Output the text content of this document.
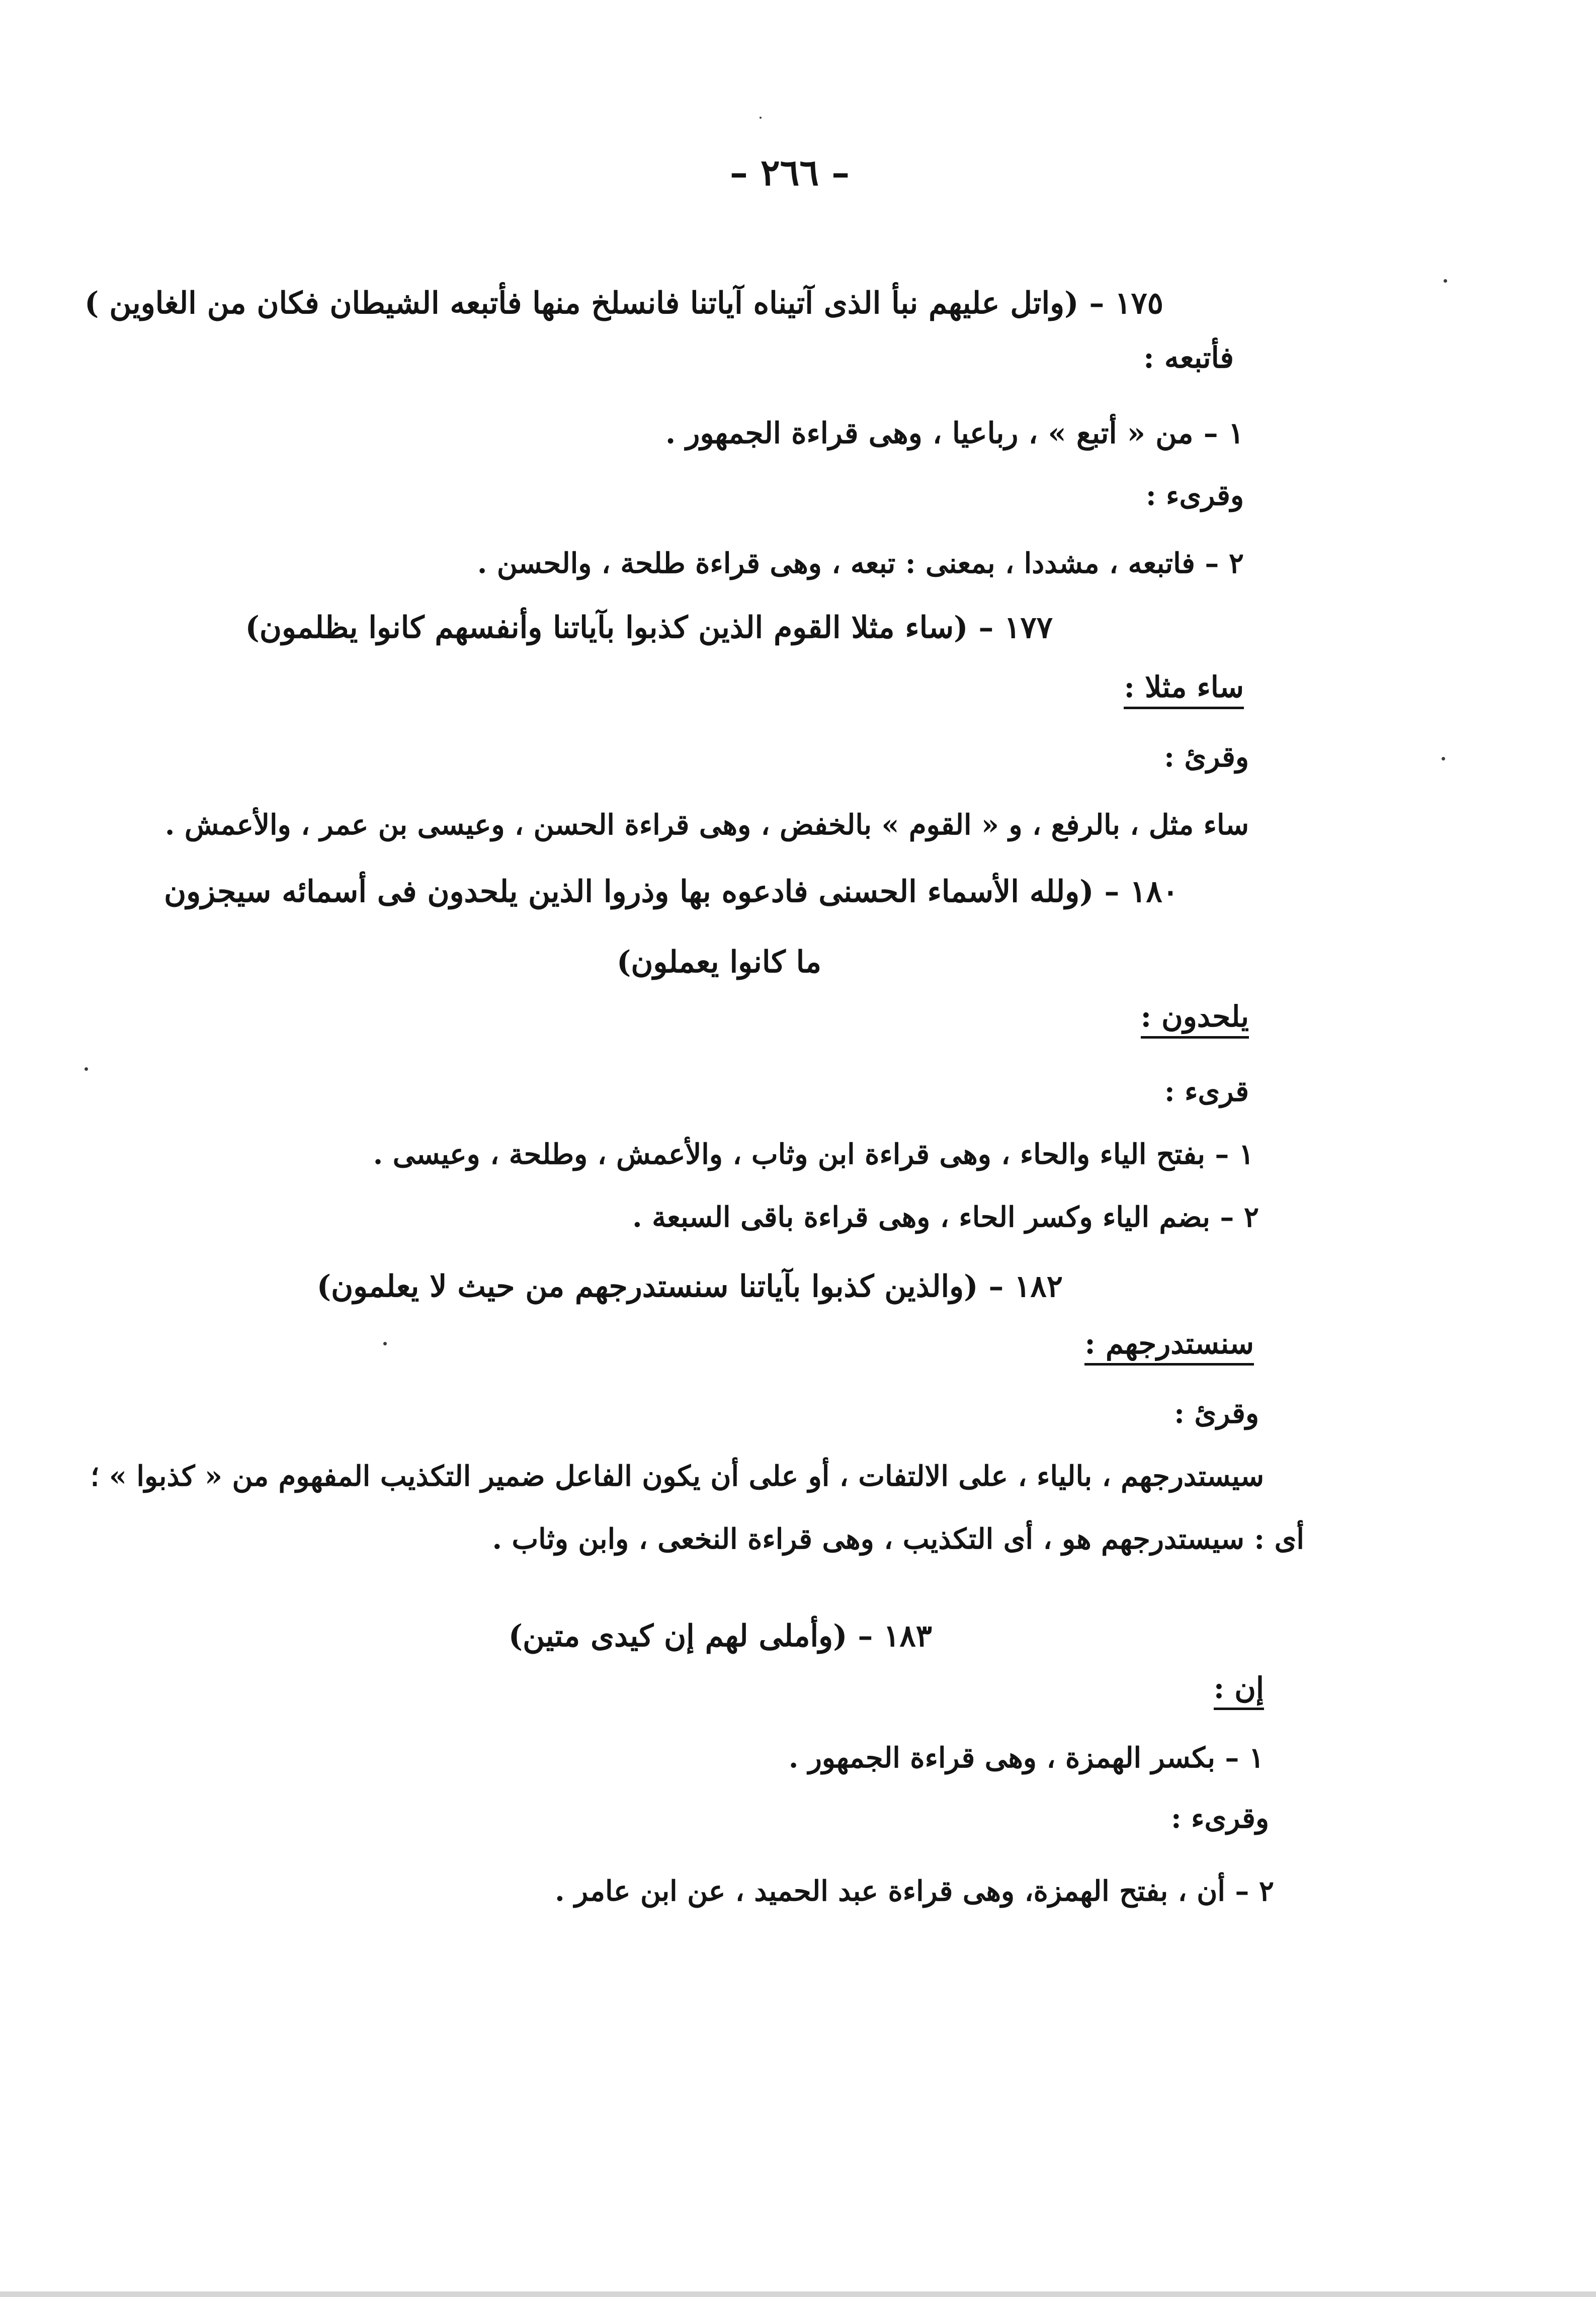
– ٢٦٦ –
١٧٥ – (واتل عليهم نبأ الذى آتيناه آياتنا فانسلخ منها فأتبعه الشيطان فكان من الغاوين )
فأتبعه :
١ – من « أتبع » ، رباعيا ، وهى قراءة الجمهور .
وقرىء :
٢ – فاتبعه ، مشددا ، بمعنى : تبعه ، وهى قراءة طلحة ، والحسن .
١٧٧ – (ساء مثلا القوم الذين كذبوا بآياتنا وأنفسهم كانوا يظلمون)
ساء مثلا :
وقرئ :
ساء مثل ، بالرفع ، و « القوم » بالخفض ، وهى قراءة الحسن ، وعيسى بن عمر ، والأعمش .
١٨٠ – (ولله الأسماء الحسنى فادعوه بها وذروا الذين يلحدون فى أسمائه سيجزون
ما كانوا يعملون)
يلحدون :
قرىء :
١ – بفتح الياء والحاء ، وهى قراءة ابن وثاب ، والأعمش ، وطلحة ، وعيسى .
٢ – بضم الياء وكسر الحاء ، وهى قراءة باقى السبعة .
١٨٢ – (والذين كذبوا بآياتنا سنستدرجهم من حيث لا يعلمون)
سنستدرجهم :
وقرئ :
سيستدرجهم ، بالياء ، على الالتفات ، أو على أن يكون الفاعل ضمير التكذيب المفهوم من « كذبوا » ؛
أى : سيستدرجهم هو ، أى التكذيب ، وهى قراءة النخعى ، وابن وثاب .
١٨٣ – (وأملى لهم إن كيدى متين)
إن :
١ – بكسر الهمزة ، وهى قراءة الجمهور .
وقرىء :
٢ – أن ، بفتح الهمزة، وهى قراءة عبد الحميد ، عن ابن عامر .
